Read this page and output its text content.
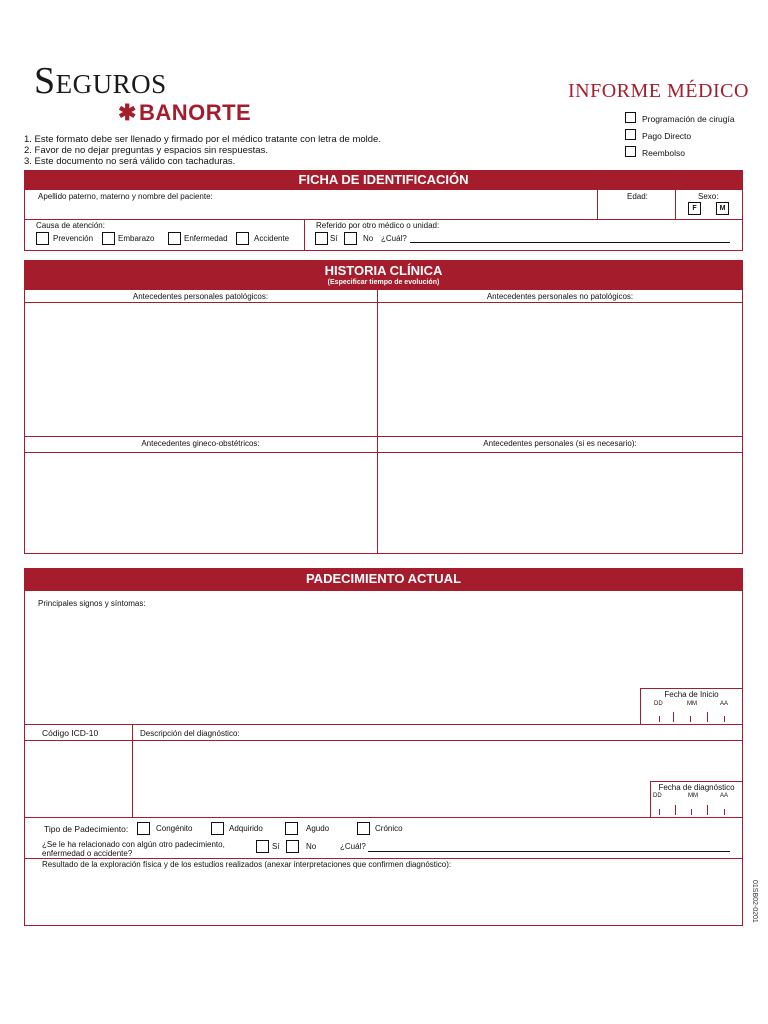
Seguros
✱BANORTE
INFORME MÉDICO
1. Este formato debe ser llenado y firmado por el médico tratante con letra de molde.
2. Favor de no dejar preguntas y espacios sin respuestas.
3. Este documento no será válido con tachaduras.
Programación de cirugía
Pago Directo
Reembolso
FICHA DE IDENTIFICACIÓN
Apellido paterno, materno y nombre del paciente:	Edad:	Sexo:
F	M
Causa de atención:
Prevención	Embarazo	Enfermedad	Accidente
Referido por otro médico o unidad:
Sí	No ¿Cuál?
HISTORIA CLÍNICA
(Especificar tiempo de evolución)
Antecedentes personales patológicos:	Antecedentes personales no patológicos:
Antecedentes gineco-obstétricos:	Antecedentes personales (si es necesario):
PADECIMIENTO ACTUAL
Principales signos y síntomas:
Fecha de Inicio
DD	MM	AA
Código ICD-10	Descripción del diagnóstico:
Fecha de diagnóstico
DD	MM	AA
Tipo de Padecimiento:	Congénito	Adquirido	Agudo	Crónico
¿Se le ha relacionado con algún otro padecimiento,
enfermedad o accidente?
Sí	No	¿Cuál?
Resultado de la exploración física y de los estudios realizados (anexar interpretaciones que confirmen diagnóstico):
01SB02-0201
